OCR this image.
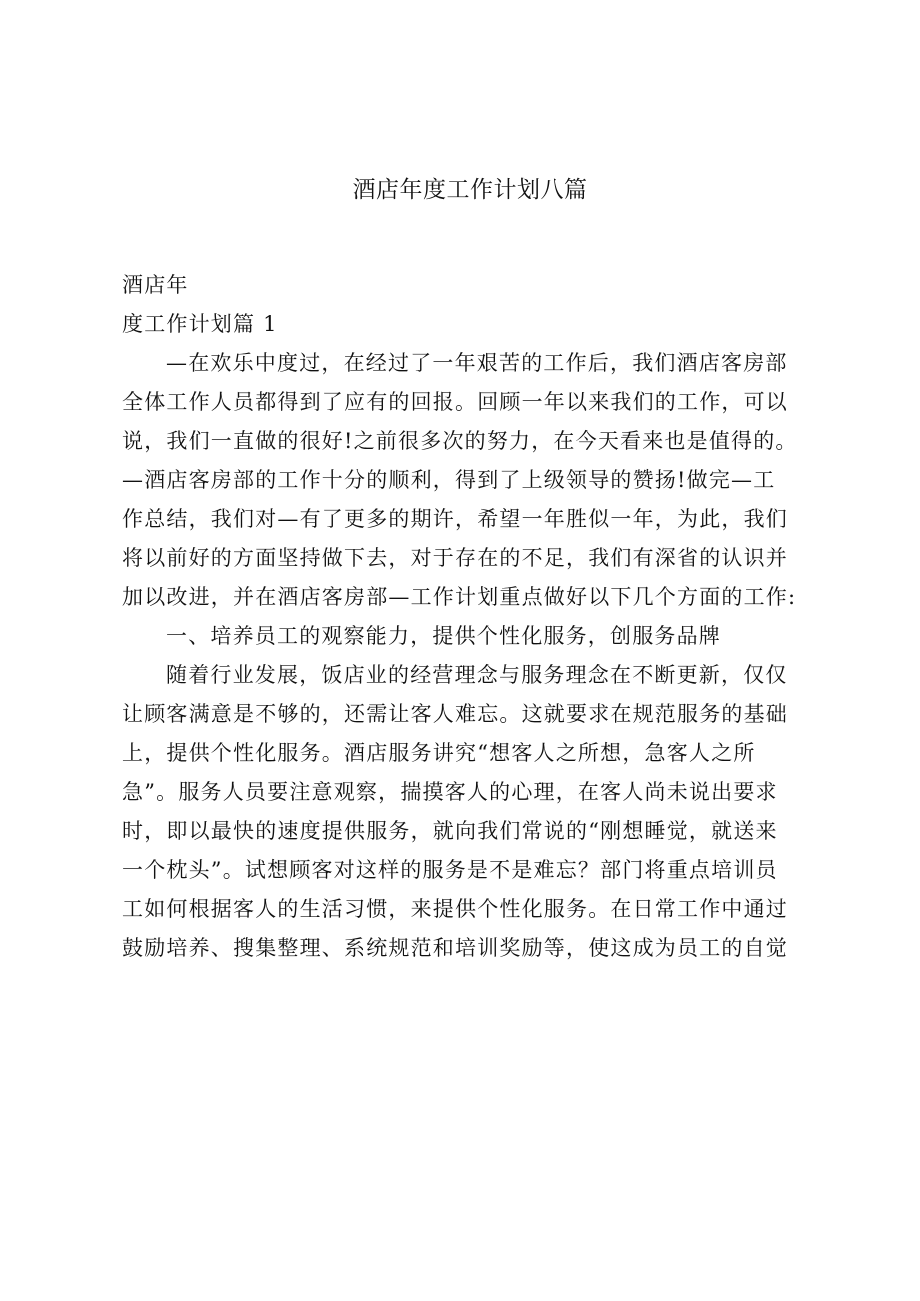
酒店年度工作计划八篇
酒店年
度工作计划篇 1
—在欢乐中度过，在经过了一年艰苦的工作后，我们酒店客房部
全体工作人员都得到了应有的回报。回顾一年以来我们的工作，可以
说，我们一直做的很好!之前很多次的努力，在今天看来也是值得的。
—酒店客房部的工作十分的顺利，得到了上级领导的赞扬!做完—工
作总结，我们对—有了更多的期许，希望一年胜似一年，为此，我们
将以前好的方面坚持做下去，对于存在的不足，我们有深省的认识并
加以改进，并在酒店客房部—工作计划重点做好以下几个方面的工作:
一、培养员工的观察能力，提供个性化服务，创服务品牌
随着行业发展，饭店业的经营理念与服务理念在不断更新，仅仅
让顾客满意是不够的，还需让客人难忘。这就要求在规范服务的基础
上，提供个性化服务。酒店服务讲究“想客人之所想，急客人之所
急”。服务人员要注意观察，揣摸客人的心理，在客人尚未说出要求
时，即以最快的速度提供服务，就向我们常说的“刚想睡觉，就送来
一个枕头”。试想顾客对这样的服务是不是难忘？部门将重点培训员
工如何根据客人的生活习惯，来提供个性化服务。在日常工作中通过
鼓励培养、搜集整理、系统规范和培训奖励等，使这成为员工的自觉
